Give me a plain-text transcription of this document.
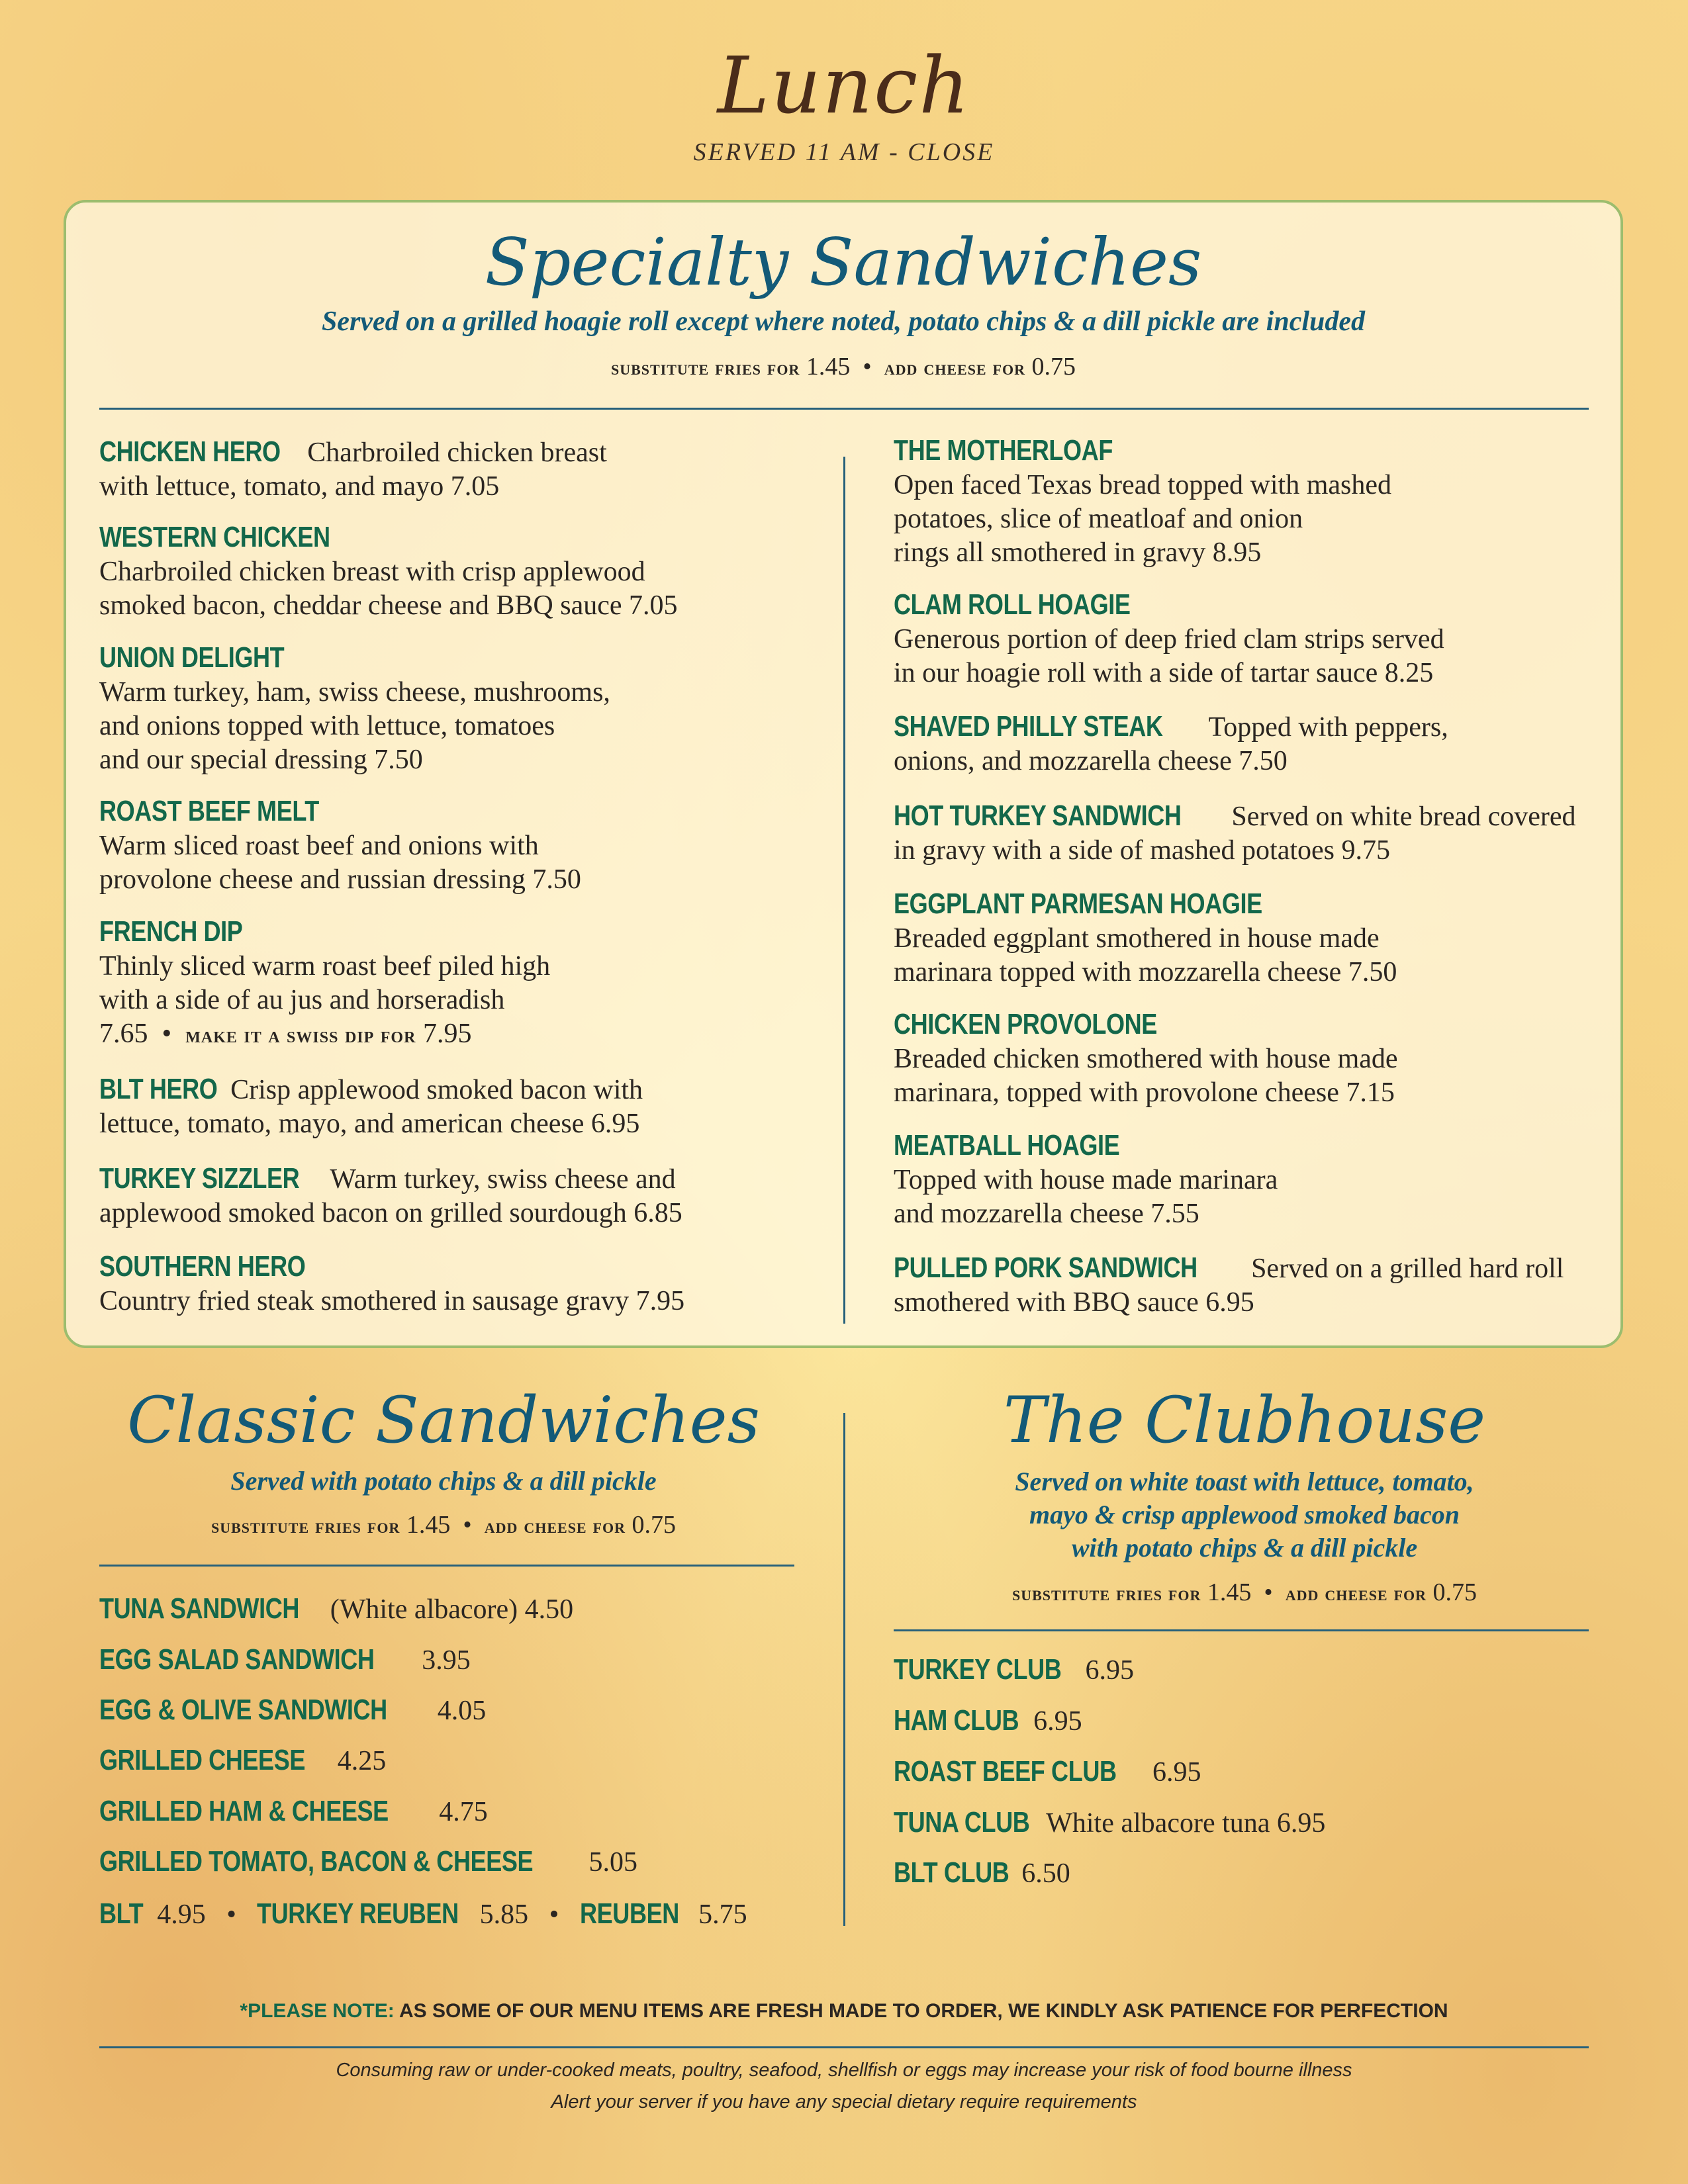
Lunch
SERVED 11 AM - CLOSE
Specialty Sandwiches
Served on a grilled hoagie roll except where noted, potato chips & a dill pickle are included
substitute fries for 1.45 • add cheese for 0.75
CHICKEN HERO Charbroiled chicken breast
with lettuce, tomato, and mayo 7.05
WESTERN CHICKEN
Charbroiled chicken breast with crisp applewood
smoked bacon, cheddar cheese and BBQ sauce 7.05
UNION DELIGHT
Warm turkey, ham, swiss cheese, mushrooms,
and onions topped with lettuce, tomatoes
and our special dressing 7.50
ROAST BEEF MELT
Warm sliced roast beef and onions with
provolone cheese and russian dressing 7.50
FRENCH DIP
Thinly sliced warm roast beef piled high
with a side of au jus and horseradish
7.65 • make it a swiss dip for 7.95
BLT HERO Crisp applewood smoked bacon with
lettuce, tomato, mayo, and american cheese 6.95
TURKEY SIZZLER Warm turkey, swiss cheese and
applewood smoked bacon on grilled sourdough 6.85
SOUTHERN HERO
Country fried steak smothered in sausage gravy 7.95
THE MOTHERLOAF
Open faced Texas bread topped with mashed
potatoes, slice of meatloaf and onion
rings all smothered in gravy 8.95
CLAM ROLL HOAGIE
Generous portion of deep fried clam strips served
in our hoagie roll with a side of tartar sauce 8.25
SHAVED PHILLY STEAK Topped with peppers,
onions, and mozzarella cheese 7.50
HOT TURKEY SANDWICH Served on white bread covered
in gravy with a side of mashed potatoes 9.75
EGGPLANT PARMESAN HOAGIE
Breaded eggplant smothered in house made
marinara topped with mozzarella cheese 7.50
CHICKEN PROVOLONE
Breaded chicken smothered with house made
marinara, topped with provolone cheese 7.15
MEATBALL HOAGIE
Topped with house made marinara
and mozzarella cheese 7.55
PULLED PORK SANDWICH Served on a grilled hard roll
smothered with BBQ sauce 6.95
Classic Sandwiches
Served with potato chips & a dill pickle
substitute fries for 1.45 • add cheese for 0.75
TUNA SANDWICH (White albacore) 4.50
EGG SALAD SANDWICH 3.95
EGG & OLIVE SANDWICH 4.05
GRILLED CHEESE 4.25
GRILLED HAM & CHEESE 4.75
GRILLED TOMATO, BACON & CHEESE 5.05
BLT 4.95 • TURKEY REUBEN 5.85 • REUBEN 5.75
The Clubhouse
Served on white toast with lettuce, tomato,
mayo & crisp applewood smoked bacon
with potato chips & a dill pickle
substitute fries for 1.45 • add cheese for 0.75
TURKEY CLUB 6.95
HAM CLUB 6.95
ROAST BEEF CLUB 6.95
TUNA CLUB White albacore tuna 6.95
BLT CLUB 6.50
*PLEASE NOTE: AS SOME OF OUR MENU ITEMS ARE FRESH MADE TO ORDER, WE KINDLY ASK PATIENCE FOR PERFECTION
Consuming raw or under-cooked meats, poultry, seafood, shellfish or eggs may increase your risk of food bourne illness
Alert your server if you have any special dietary require requirements
